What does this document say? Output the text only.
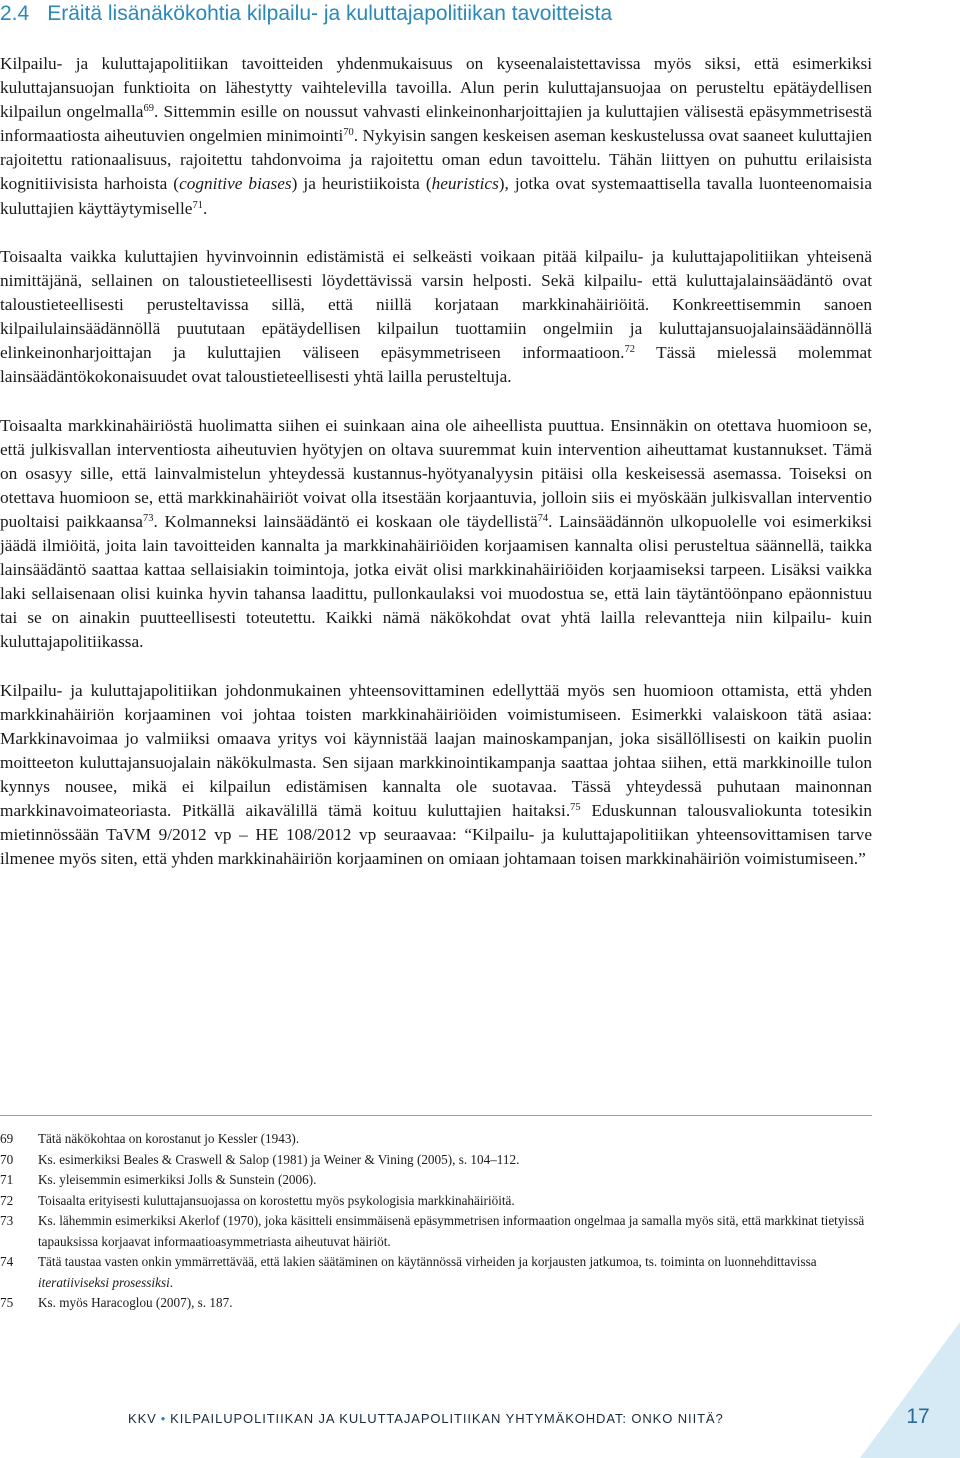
2.4 Eräitä lisänäkökohtia kilpailu- ja kuluttajapolitiikan tavoitteista

Kilpailu- ja kuluttajapolitiikan tavoitteiden yhdenmukaisuus on kyseenalaistettavissa myös siksi, että esimerkiksi kuluttajansuojan funktioita on lähestytty vaihtelevilla tavoilla. Alun perin kuluttajansuojaa on perusteltu epätäydellisen kilpailun ongelmalla$^{69}$. Sittemmin esille on noussut vahvasti elinkeinonharjoittajien ja kuluttajien välisestä epäsymmetrisestä informaatiosta aiheutuvien ongelmien minimointi$^{70}$. Nykyisin sangen keskeisen aseman keskustelussa ovat saaneet kuluttajien rajoitettu rationaalisuus, rajoitettu tahdonvoima ja rajoitettu oman edun tavoittelu. Tähän liittyen on puhuttu erilaisista kognitiivisista harhoista (cognitive biases) ja heuristiikoista (heuristics), jotka ovat systemaattisella tavalla luonteenomaisia kuluttajien käyttäytymiselle$^{71}$.

Toisaalta vaikka kuluttajien hyvinvoinnin edistämistä ei selkeästi voikaan pitää kilpailu- ja kuluttajapolitiikan yhteisenä nimittäjänä, sellainen on taloustieteellisesti löydettävissä varsin helposti. Sekä kilpailu- että kuluttajalainsäädäntö ovat taloustieteellisesti perusteltavissa sillä, että niillä korjataan markkinahäiriöitä. Konkreettisemmin sanoen kilpailulainsäädännöllä puututaan epätäydellisen kilpailun tuottamiin ongelmiin ja kuluttajansuojalainsäädännöllä elinkeinonharjoittajan ja kuluttajien väliseen epäsymmetriseen informaatioon.$^{72}$ Tässä mielessä molemmat lainsäädäntökokonaisuudet ovat taloustieteellisesti yhtä lailla perusteltuja.

Toisaalta markkinahäiriöstä huolimatta siihen ei suinkaan aina ole aiheellista puuttua. Ensinnäkin on otettava huomioon se, että julkisvallan interventiosta aiheutuvien hyötyjen on oltava suuremmat kuin intervention aiheuttamat kustannukset. Tämä on osasyy sille, että lainvalmistelun yhteydessä kustannus-hyötyanalyysin pitäisi olla keskeisessä asemassa. Toiseksi on otettava huomioon se, että markkinahäiriöt voivat olla itsestään korjaantuvia, jolloin siis ei myöskään julkisvallan interventio puoltaisi paikkaansa$^{73}$. Kolmanneksi lainsäädäntö ei koskaan ole täydellistä$^{74}$. Lainsäädännön ulkopuolelle voi esimerkiksi jäädä ilmiöitä, joita lain tavoitteiden kannalta ja markkinahäiriöiden korjaamisen kannalta olisi perusteltua säännellä, taikka lainsäädäntö saattaa kattaa sellaisiakin toimintoja, jotka eivät olisi markkinahäiriöiden korjaamiseksi tarpeen. Lisäksi vaikka laki sellaisenaan olisi kuinka hyvin tahansa laadittu, pullonkaulaksi voi muodostua se, että lain täytäntöönpano epäonnistuu tai se on ainakin puutteellisesti toteutettu. Kaikki nämä näkökohdat ovat yhtä lailla relevantteja niin kilpailu- kuin kuluttajapolitiikassa.

Kilpailu- ja kuluttajapolitiikan johdonmukainen yhteensovittaminen edellyttää myös sen huomioon ottamista, että yhden markkinahäiriön korjaaminen voi johtaa toisten markkinahäiriöiden voimistumiseen. Esimerkki valaiskoon tätä asiaa: Markkinavoimaa jo valmiiksi omaava yritys voi käynnistää laajan mainoskampanjan, joka sisällöllisesti on kaikin puolin moitteeton kuluttajansuojalain näkökulmasta. Sen sijaan markkinointikampanja saattaa johtaa siihen, että markkinoille tulon kynnys nousee, mikä ei kilpailun edistämisen kannalta ole suotavaa. Tässä yhteydessä puhutaan mainonnan markkinavoimateoriasta. Pitkällä aikavälillä tämä koituu kuluttajien haitaksi.$^{75}$ Eduskunnan talousvaliokunta totesikin mietinnössään TaVM 9/2012 vp – HE 108/2012 vp seuraavaa: “Kilpailu- ja kuluttajapolitiikan yhteensovittamisen tarve ilmenee myös siten, että yhden markkinahäiriön korjaaminen on omiaan johtamaan toisen markkinahäiriön voimistumiseen.”

69	Tätä näkökohtaa on korostanut jo Kessler (1943).
70	Ks. esimerkiksi Beales & Craswell & Salop (1981) ja Weiner & Vining (2005), s. 104–112.
71	Ks. yleisemmin esimerkiksi Jolls & Sunstein (2006).
72	Toisaalta erityisesti kuluttajansuojassa on korostettu myös psykologisia markkinahäiriöitä.
73	Ks. lähemmin esimerkiksi Akerlof (1970), joka käsitteli ensimmäisenä epäsymmetrisen informaation ongelmaa ja samalla myös sitä, että markkinat tietyissä tapauksissa korjaavat informaatioasymmetriasta aiheutuvat häiriöt.
74	Tätä taustaa vasten onkin ymmärrettävää, että lakien säätäminen on käytännössä virheiden ja korjausten jatkumoa, ts. toiminta on luonnehdittavissa iteratiiviseksi prosessiksi.
75	Ks. myös Haracoglou (2007), s. 187.
KKV • KILPAILUPOLITIIKAN JA KULUTTAJAPOLITIIKAN YHTYMÄKOHDAT: ONKO NIITÄ?	17
